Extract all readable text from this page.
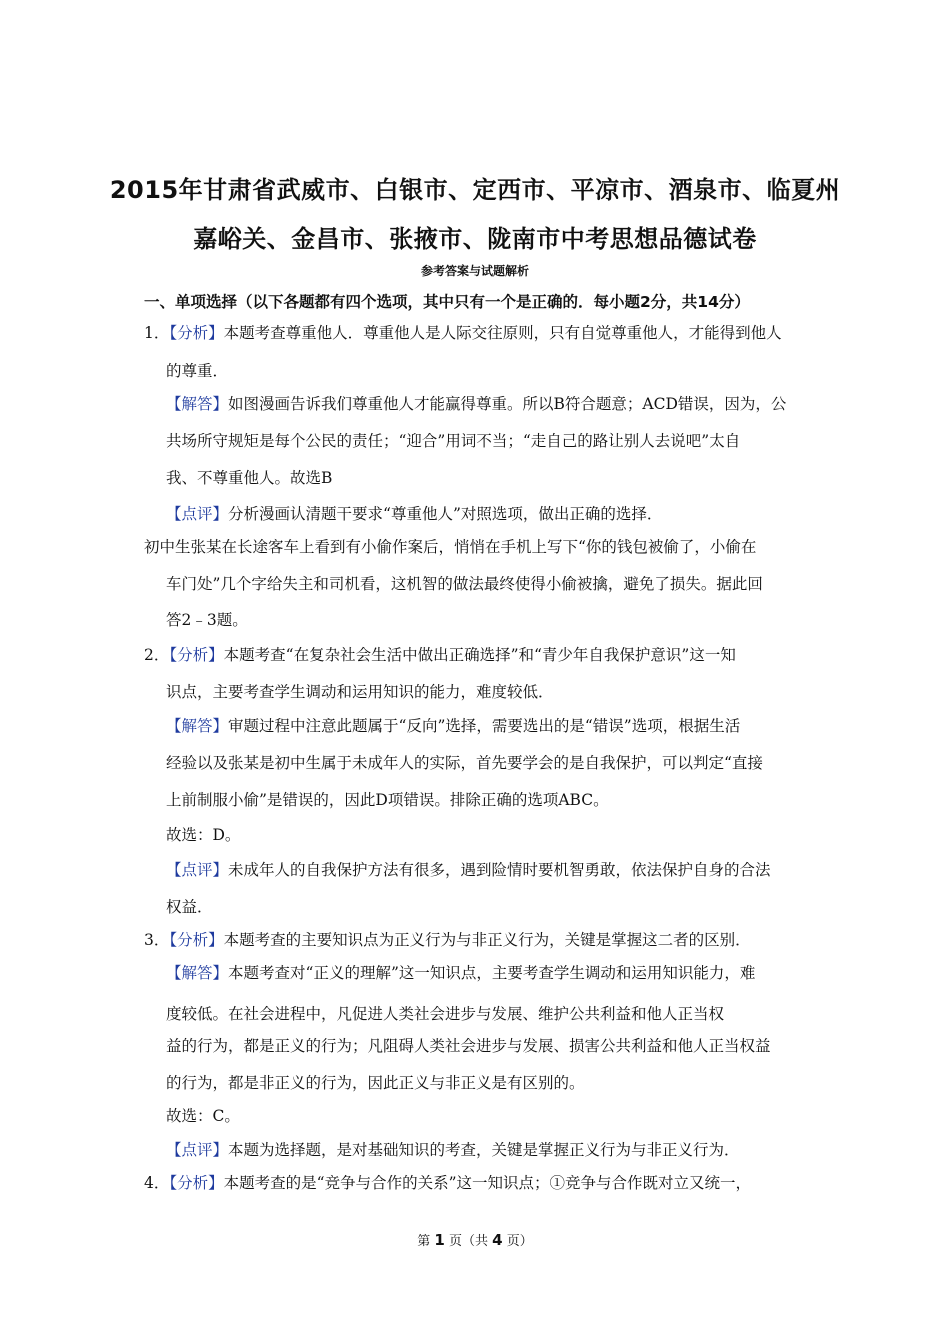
2015年甘肃省武威市、白银市、定西市、平凉市、酒泉市、临夏州
嘉峪关、金昌市、张掖市、陇南市中考思想品德试卷
参考答案与试题解析
一、单项选择（以下各题都有四个选项，其中只有一个是正确的．每小题2分，共14分）
1．【分析】本题考查尊重他人．尊重他人是人际交往原则，只有自觉尊重他人，才能得到他人
的尊重．
【解答】如图漫画告诉我们尊重他人才能赢得尊重。所以B符合题意；ACD错误，因为，公
共场所守规矩是每个公民的责任；“迎合”用词不当；“走自己的路让别人去说吧”太自
我、不尊重他人。故选B
【点评】分析漫画认清题干要求“尊重他人”对照选项，做出正确的选择．
初中生张某在长途客车上看到有小偷作案后，悄悄在手机上写下“你的钱包被偷了，小偷在
车门处”几个字给失主和司机看，这机智的做法最终使得小偷被擒，避免了损失。据此回
答2﹣3题。
2．【分析】本题考查“在复杂社会生活中做出正确选择”和“青少年自我保护意识”这一知
识点，主要考查学生调动和运用知识的能力，难度较低．
【解答】审题过程中注意此题属于“反向”选择，需要选出的是“错误”选项，根据生活
经验以及张某是初中生属于未成年人的实际，首先要学会的是自我保护，可以判定“直接
上前制服小偷”是错误的，因此D项错误。排除正确的选项ABC。
故选：D。
【点评】未成年人的自我保护方法有很多，遇到险情时要机智勇敢，依法保护自身的合法
权益．
3．【分析】本题考查的主要知识点为正义行为与非正义行为，关键是掌握这二者的区别．
【解答】本题考查对“正义的理解”这一知识点，主要考查学生调动和运用知识能力，难
度较低。在社会进程中，凡促进人类社会进步与发展、维护公共利益和他人正当权
益的行为，都是正义的行为；凡阻碍人类社会进步与发展、损害公共利益和他人正当权益
的行为，都是非正义的行为，因此正义与非正义是有区别的。
故选：C。
【点评】本题为选择题，是对基础知识的考查，关键是掌握正义行为与非正义行为．
4．【分析】本题考查的是“竞争与合作的关系”这一知识点；①竞争与合作既对立又统一，
第 1 页（共 4 页）
